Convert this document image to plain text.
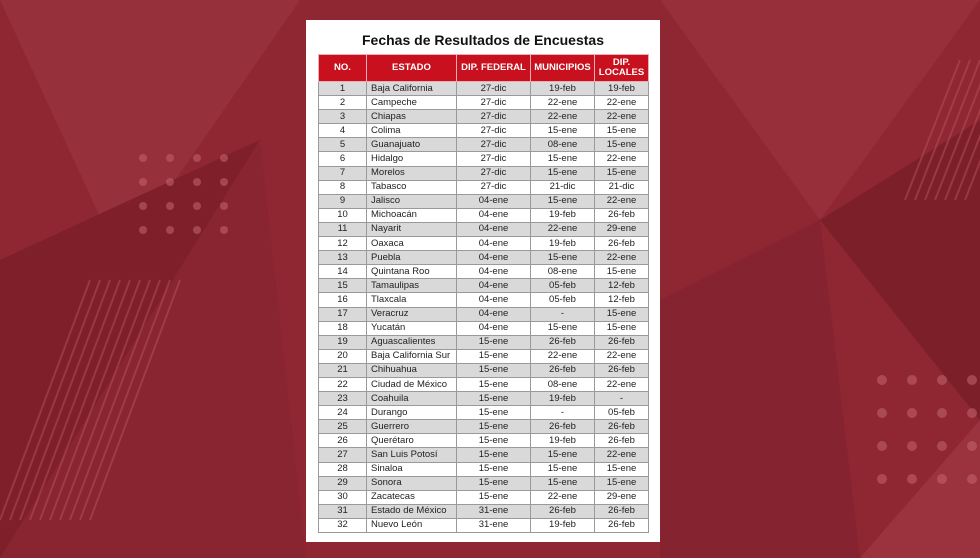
Fechas de Resultados de Encuestas
NO.	ESTADO	DIP. FEDERAL	MUNICIPIOS	DIP. LOCALES
1	Baja California	27-dic	19-feb	19-feb
2	Campeche	27-dic	22-ene	22-ene
3	Chiapas	27-dic	22-ene	22-ene
4	Colima	27-dic	15-ene	15-ene
5	Guanajuato	27-dic	08-ene	15-ene
6	Hidalgo	27-dic	15-ene	22-ene
7	Morelos	27-dic	15-ene	15-ene
8	Tabasco	27-dic	21-dic	21-dic
9	Jalisco	04-ene	15-ene	22-ene
10	Michoacán	04-ene	19-feb	26-feb
11	Nayarit	04-ene	22-ene	29-ene
12	Oaxaca	04-ene	19-feb	26-feb
13	Puebla	04-ene	15-ene	22-ene
14	Quintana Roo	04-ene	08-ene	15-ene
15	Tamaulipas	04-ene	05-feb	12-feb
16	Tlaxcala	04-ene	05-feb	12-feb
17	Veracruz	04-ene	-	15-ene
18	Yucatán	04-ene	15-ene	15-ene
19	Aguascalientes	15-ene	26-feb	26-feb
20	Baja California Sur	15-ene	22-ene	22-ene
21	Chihuahua	15-ene	26-feb	26-feb
22	Ciudad de México	15-ene	08-ene	22-ene
23	Coahuila	15-ene	19-feb	-
24	Durango	15-ene	-	05-feb
25	Guerrero	15-ene	26-feb	26-feb
26	Querétaro	15-ene	19-feb	26-feb
27	San Luis Potosí	15-ene	15-ene	22-ene
28	Sinaloa	15-ene	15-ene	15-ene
29	Sonora	15-ene	15-ene	15-ene
30	Zacatecas	15-ene	22-ene	29-ene
31	Estado de México	31-ene	26-feb	26-feb
32	Nuevo León	31-ene	19-feb	26-feb
